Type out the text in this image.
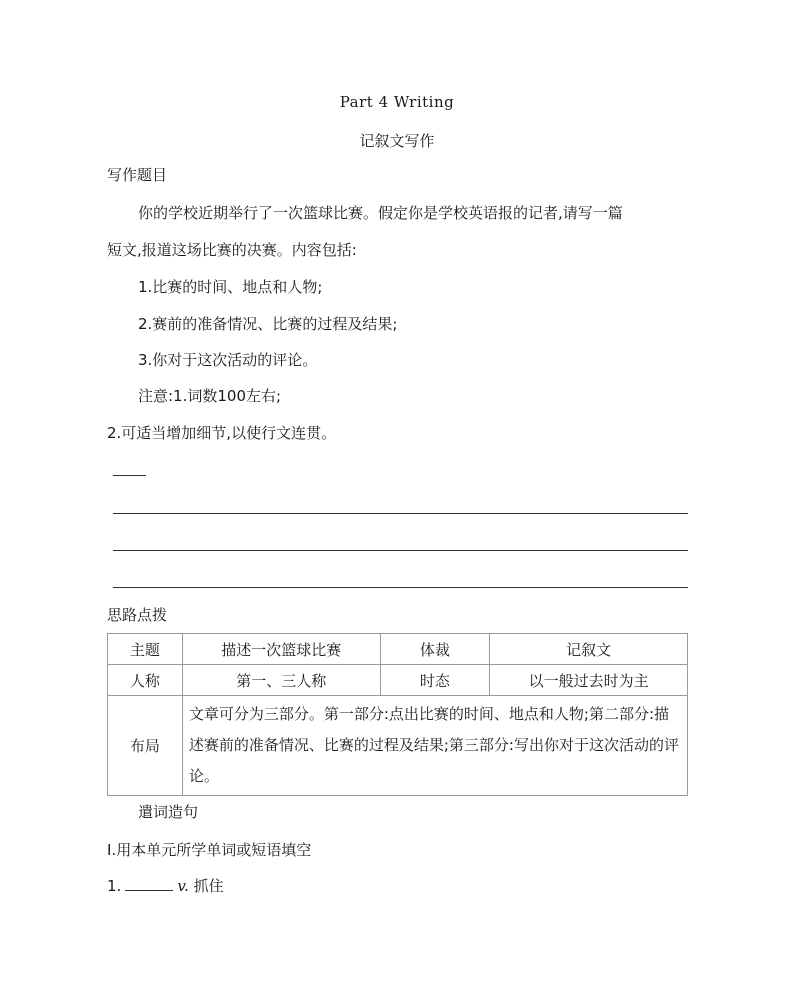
Part 4 Writing
记叙文写作
写作题目
你的学校近期举行了一次篮球比赛。假定你是学校英语报的记者,请写一篇
短文,报道这场比赛的决赛。内容包括:
1.比赛的时间、地点和人物;
2.赛前的准备情况、比赛的过程及结果;
3.你对于这次活动的评论。
注意:1.词数100左右;
2.可适当增加细节,以使行文连贯。
思路点拨
主题	描述一次篮球比赛	体裁	记叙文
人称	第一、三人称	时态	以一般过去时为主
布局	文章可分为三部分。第一部分:点出比赛的时间、地点和人物;第二部分:描述赛前的准备情况、比赛的过程及结果;第三部分:写出你对于这次活动的评论。		
遣词造句
Ⅰ.用本单元所学单词或短语填空
1.	v. 抓住
